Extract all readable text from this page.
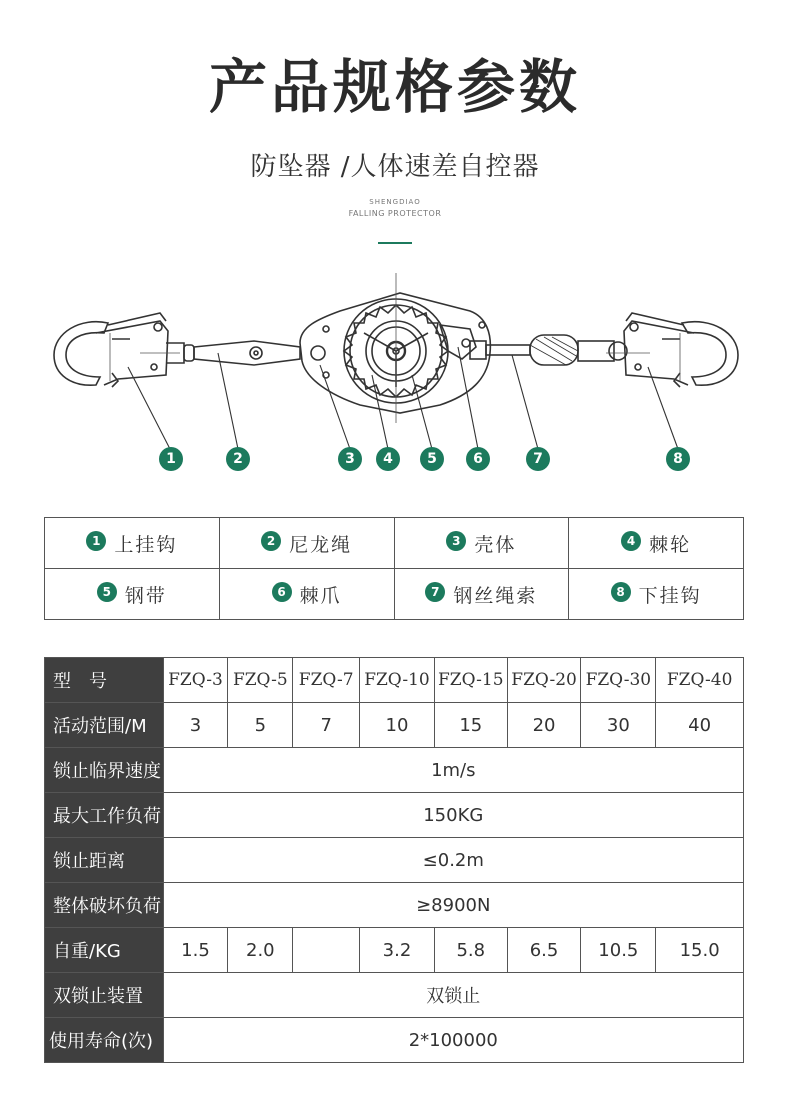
产品规格参数
防坠器 /人体速差自控器
SHENGDIAO
FALLING PROTECTOR
1	2	3	4	5	6	7	8
1 上挂钩	2 尼龙绳	3 壳体	4 棘轮
5 钢带	6 棘爪	7 钢丝绳索	8 下挂钩
型　号	FZQ-3	FZQ-5	FZQ-7	FZQ-10	FZQ-15	FZQ-20	FZQ-30	FZQ-40
活动范围/M	3	5	7	10	15	20	30	40
锁止临界速度	1m/s							
最大工作负荷	150KG							
锁止距离	≤0.2m							
整体破坏负荷	≥8900N							
自重/KG	1.5	2.0		3.2	5.8	6.5	10.5	15.0
双锁止装置	双锁止							
使用寿命(次)	2*100000							
